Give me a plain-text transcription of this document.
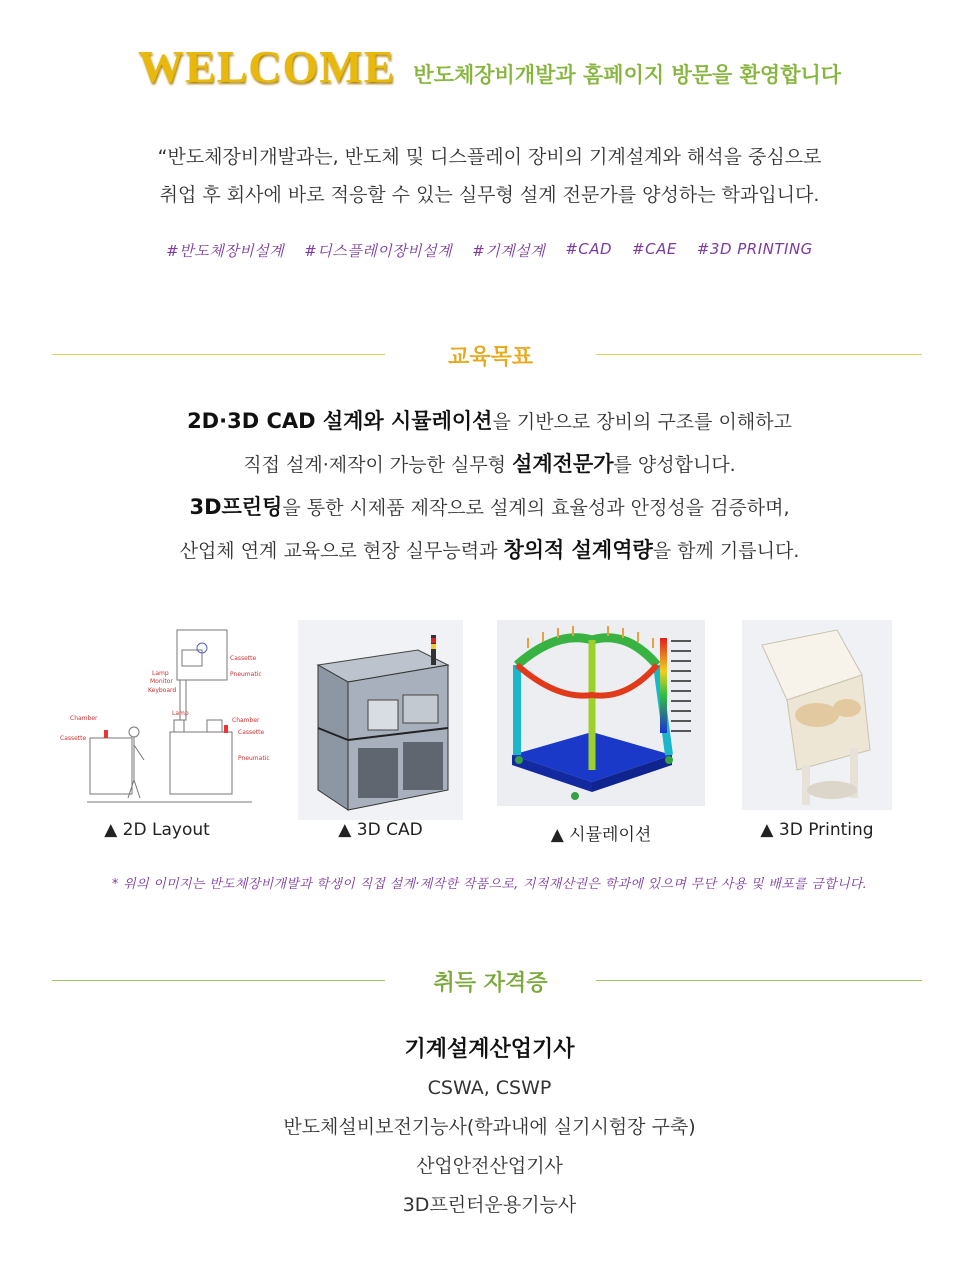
WELCOME 반도체장비개발과 홈페이지 방문을 환영합니다
“반도체장비개발과는, 반도체 및 디스플레이 장비의 기계설계와 해석을 중심으로
취업 후 회사에 바로 적응할 수 있는 실무형 설계 전문가를 양성하는 학과입니다.
#반도체장비설계 #디스플레이장비설계 #기계설계 #CAD #CAE #3D PRINTING
교육목표
2D·3D CAD 설계와 시뮬레이션을 기반으로 장비의 구조를 이해하고
직접 설계·제작이 가능한 실무형 설계전문가를 양성합니다.
3D프린팅을 통한 시제품 제작으로 설계의 효율성과 안정성을 검증하며,
산업체 연계 교육으로 현장 실무능력과 창의적 설계역량을 함께 기릅니다.
Lamp
Monitor
Keyboard
Cassette
Pneumatic
Chamber
Cassette
Lamp
Chamber
Cassette
Pneumatic
▲ 2D Layout	▲ 3D CAD	▲ 시뮬레이션	▲ 3D Printing
* 위의 이미지는 반도체장비개발과 학생이 직접 설계·제작한 작품으로, 지적재산권은 학과에 있으며 무단 사용 및 배포를 금합니다.
취득 자격증
기계설계산업기사
CSWA, CSWP
반도체설비보전기능사(학과내에 실기시험장 구축)
산업안전산업기사
3D프린터운용기능사
